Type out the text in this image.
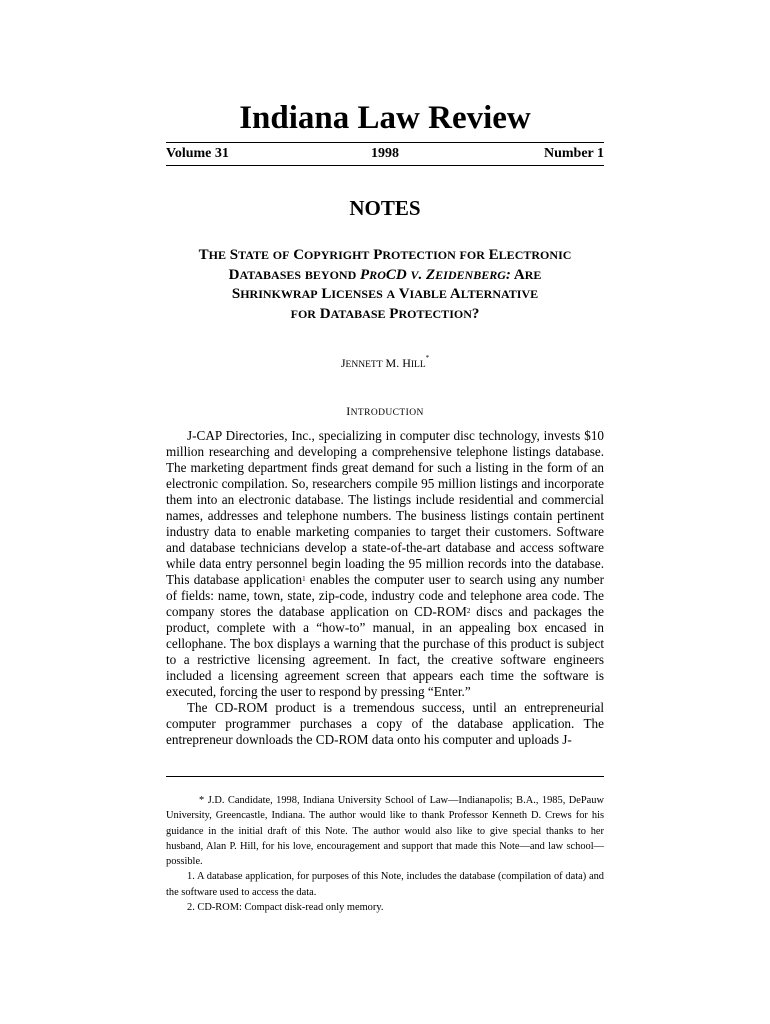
Indiana Law Review
Volume 31	1998	Number 1
NOTES
THE STATE OF COPYRIGHT PROTECTION FOR ELECTRONIC
DATABASES BEYOND PROCD V. ZEIDENBERG: ARE
SHRINKWRAP LICENSES A VIABLE ALTERNATIVE
FOR DATABASE PROTECTION?
JENNETT M. HILL*
INTRODUCTION

J-CAP Directories, Inc., specializing in computer disc technology, invests $10 million researching and developing a comprehensive telephone listings database. The marketing department finds great demand for such a listing in the form of an electronic compilation. So, researchers compile 95 million listings and incorporate them into an electronic database. The listings include residential and commercial names, addresses and telephone numbers. The business listings contain pertinent industry data to enable marketing companies to target their customers. Software and database technicians develop a state-of-the-art database and access software while data entry personnel begin loading the 95 million records into the database. This database application$^1$ enables the computer user to search using any number of fields: name, town, state, zip-code, industry code and telephone area code. The company stores the database application on CD-ROM$^2$ discs and packages the product, complete with a “how-to” manual, in an appealing box encased in cellophane. The box displays a warning that the purchase of this product is subject to a restrictive licensing agreement. In fact, the creative software engineers included a licensing agreement screen that appears each time the software is executed, forcing the user to respond by pressing “Enter.”

The CD-ROM product is a tremendous success, until an entrepreneurial computer programmer purchases a copy of the database application. The entrepreneur downloads the CD-ROM data onto his computer and uploads J-

* J.D. Candidate, 1998, Indiana University School of Law—Indianapolis; B.A., 1985, DePauw University, Greencastle, Indiana. The author would like to thank Professor Kenneth D. Crews for his guidance in the initial draft of this Note. The author would also like to give special thanks to her husband, Alan P. Hill, for his love, encouragement and support that made this Note—and law school—possible.

1. A database application, for purposes of this Note, includes the database (compilation of data) and the software used to access the data.

2. CD-ROM: Compact disk-read only memory.
